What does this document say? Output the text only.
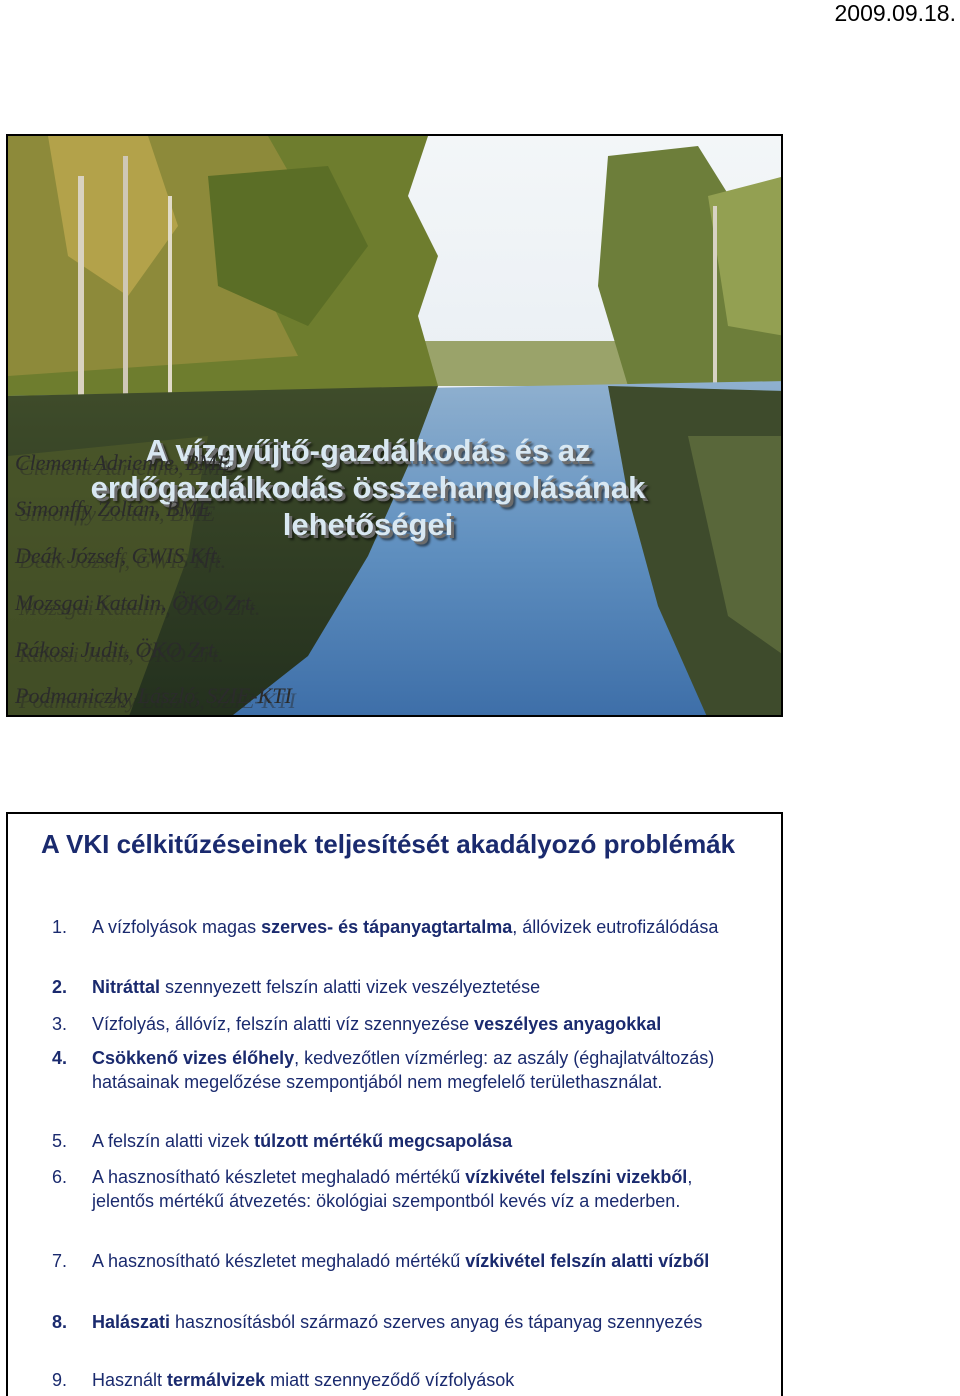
2009.09.18.
A vízgyűjtő-gazdálkodás és az
erdőgazdálkodás összehangolásának
lehetőségei
Clement Adrienne, BME
Simonffy Zoltán, BME
Deák József, GWIS Kft.
Mozsgai Katalin, ÖKO Zrt.
Rákosi Judit, ÖKO Zrt.
Podmaniczky László, SZIE-KTI
A VKI célkitűzéseinek teljesítését akadályozó problémák
1. A vízfolyások magas szerves- és tápanyagtartalma, állóvizek eutrofizálódása
2. Nitráttal szennyezett felszín alatti vizek veszélyeztetése
3. Vízfolyás, állóvíz, felszín alatti víz szennyezése veszélyes anyagokkal
4. Csökkenő vizes élőhely, kedvezőtlen vízmérleg: az aszály (éghajlatváltozás) hatásainak megelőzése szempontjából nem megfelelő területhasználat.
5. A felszín alatti vizek túlzott mértékű megcsapolása
6. A hasznosítható készletet meghaladó mértékű vízkivétel felszíni vizekből, jelentős mértékű átvezetés: ökológiai szempontból kevés víz a mederben.
7. A hasznosítható készletet meghaladó mértékű vízkivétel felszín alatti vízből
8. Halászati hasznosításból származó szerves anyag és tápanyag szennyezés
9. Használt termálvizek miatt szennyeződő vízfolyások
